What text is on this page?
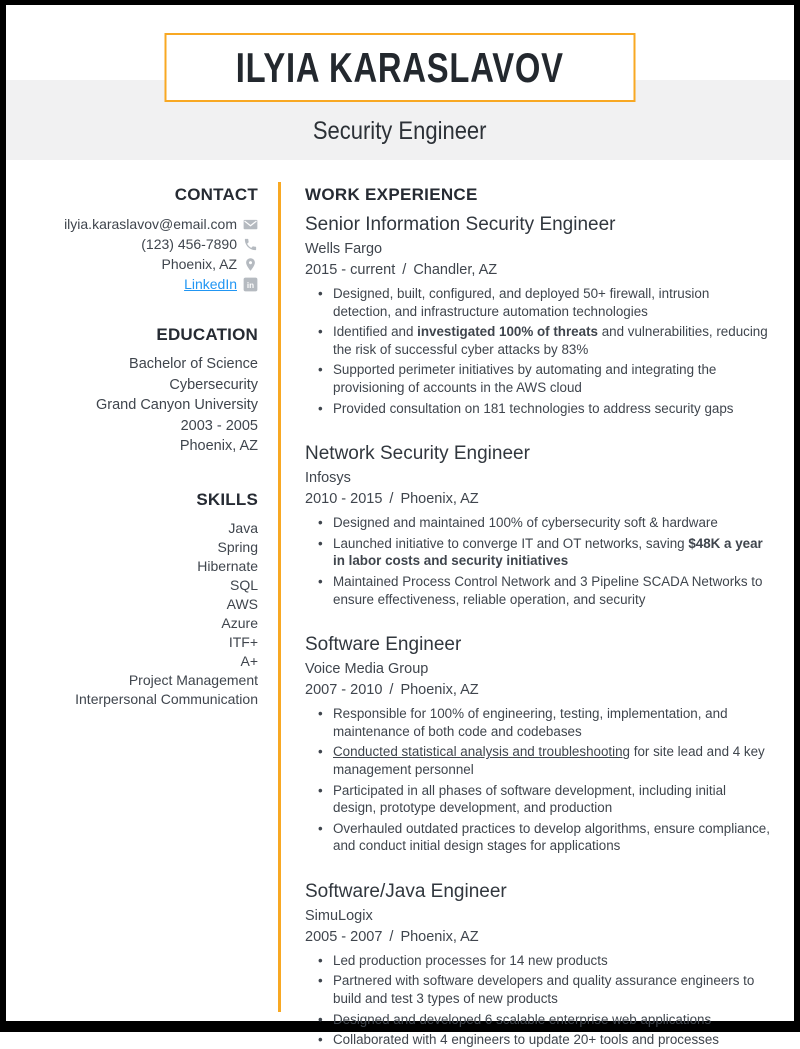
Security Engineer
ILYIA KARASLAVOV
CONTACT
ilyia.karaslavov@email.com
(123) 456-7890
Phoenix, AZ
LinkedIn in
EDUCATION
Bachelor of Science
Cybersecurity
Grand Canyon University
2003 - 2005
Phoenix, AZ
SKILLS
Java
Spring
Hibernate
SQL
AWS
Azure
ITF+
A+
Project Management
Interpersonal Communication
WORK EXPERIENCE
Senior Information Security Engineer
Wells Fargo
2015 - current / Chandler, AZ
• Designed, built, configured, and deployed 50+ firewall, intrusion detection, and infrastructure automation technologies
• Identified and investigated 100% of threats and vulnerabilities, reducing the risk of successful cyber attacks by 83%
• Supported perimeter initiatives by automating and integrating the provisioning of accounts in the AWS cloud
• Provided consultation on 181 technologies to address security gaps
Network Security Engineer
Infosys
2010 - 2015 / Phoenix, AZ
• Designed and maintained 100% of cybersecurity soft & hardware
• Launched initiative to converge IT and OT networks, saving $48K a year in labor costs and security initiatives
• Maintained Process Control Network and 3 Pipeline SCADA Networks to ensure effectiveness, reliable operation, and security
Software Engineer
Voice Media Group
2007 - 2010 / Phoenix, AZ
• Responsible for 100% of engineering, testing, implementation, and maintenance of both code and codebases
• Conducted statistical analysis and troubleshooting for site lead and 4 key management personnel
• Participated in all phases of software development, including initial design, prototype development, and production
• Overhauled outdated practices to develop algorithms, ensure compliance, and conduct initial design stages for applications
Software/Java Engineer
SimuLogix
2005 - 2007 / Phoenix, AZ
• Led production processes for 14 new products
• Partnered with software developers and quality assurance engineers to build and test 3 types of new products
• Designed and developed 6 scalable enterprise web applications
• Collaborated with 4 engineers to update 20+ tools and processes
